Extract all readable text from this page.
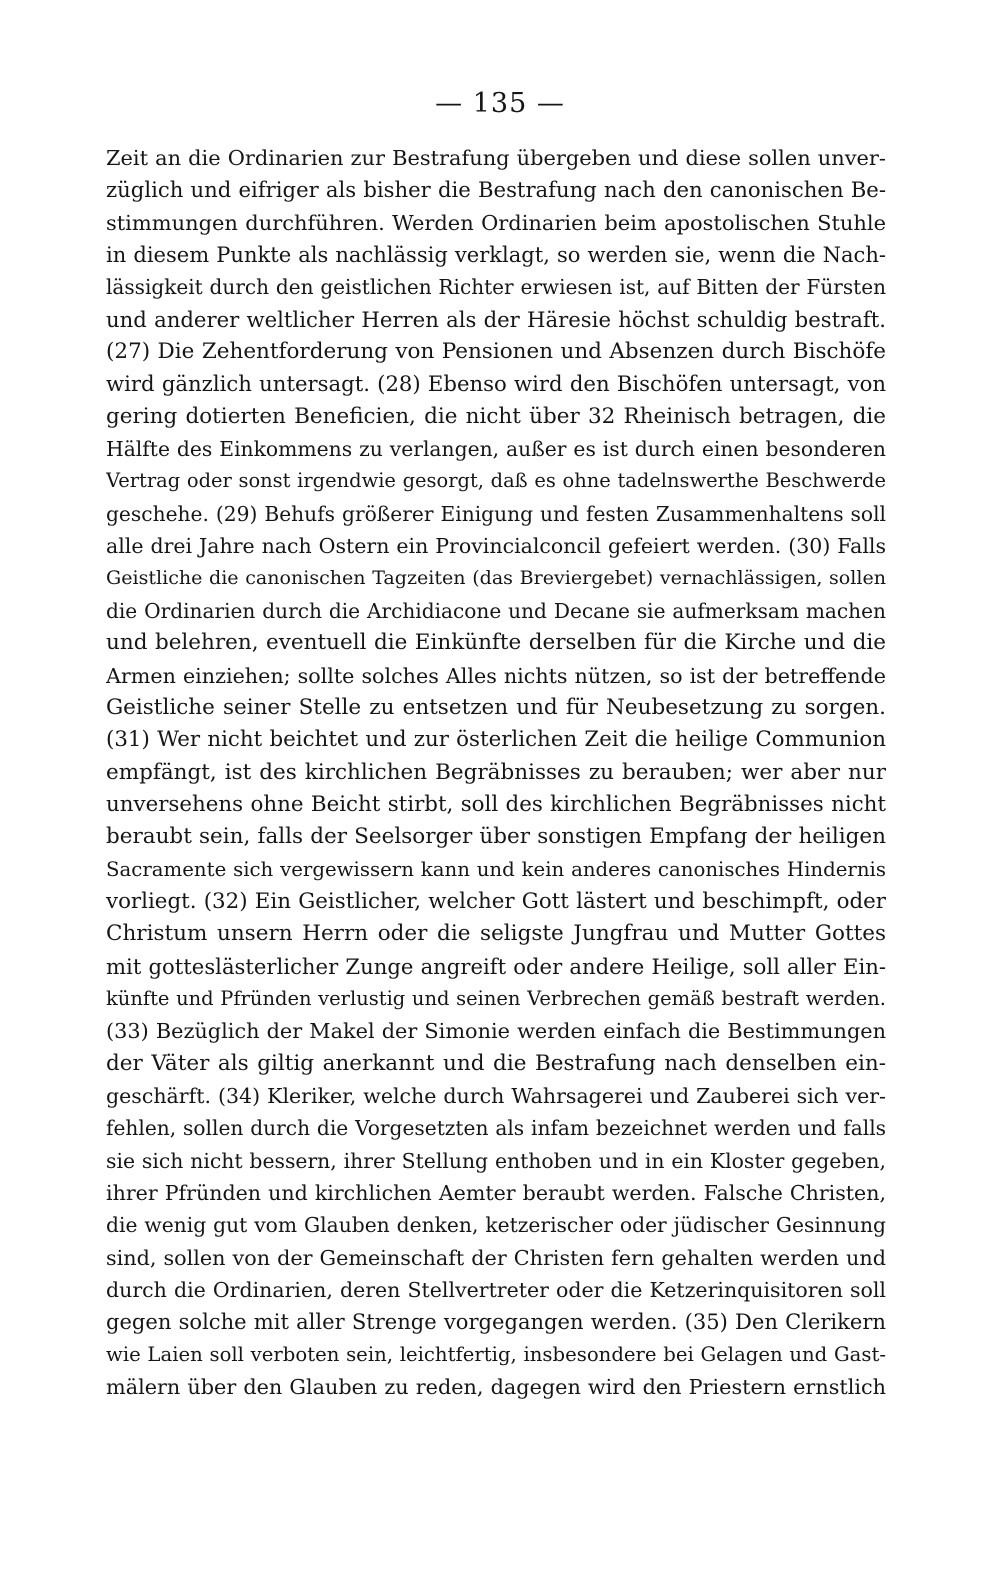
— 135 —
Zeit an die Ordinarien zur Bestrafung übergeben und diese sollen unver-
züglich und eifriger als bisher die Bestrafung nach den canonischen Be-
stimmungen durchführen. Werden Ordinarien beim apostolischen Stuhle
in diesem Punkte als nachlässig verklagt, so werden sie, wenn die Nach-
lässigkeit durch den geistlichen Richter erwiesen ist, auf Bitten der Fürsten
und anderer weltlicher Herren als der Häresie höchst schuldig bestraft.
(27) Die Zehentforderung von Pensionen und Absenzen durch Bischöfe
wird gänzlich untersagt. (28) Ebenso wird den Bischöfen untersagt, von
gering dotierten Beneficien, die nicht über 32 Rheinisch betragen, die
Hälfte des Einkommens zu verlangen, außer es ist durch einen besonderen
Vertrag oder sonst irgendwie gesorgt, daß es ohne tadelnswerthe Beschwerde
geschehe. (29) Behufs größerer Einigung und festen Zusammenhaltens soll
alle drei Jahre nach Ostern ein Provincialconcil gefeiert werden. (30) Falls
Geistliche die canonischen Tagzeiten (das Breviergebet) vernachlässigen, sollen
die Ordinarien durch die Archidiacone und Decane sie aufmerksam machen
und belehren, eventuell die Einkünfte derselben für die Kirche und die
Armen einziehen; sollte solches Alles nichts nützen, so ist der betreffende
Geistliche seiner Stelle zu entsetzen und für Neubesetzung zu sorgen.
(31) Wer nicht beichtet und zur österlichen Zeit die heilige Communion
empfängt, ist des kirchlichen Begräbnisses zu berauben; wer aber nur
unversehens ohne Beicht stirbt, soll des kirchlichen Begräbnisses nicht
beraubt sein, falls der Seelsorger über sonstigen Empfang der heiligen
Sacramente sich vergewissern kann und kein anderes canonisches Hindernis
vorliegt. (32) Ein Geistlicher, welcher Gott lästert und beschimpft, oder
Christum unsern Herrn oder die seligste Jungfrau und Mutter Gottes
mit gotteslästerlicher Zunge angreift oder andere Heilige, soll aller Ein-
künfte und Pfründen verlustig und seinen Verbrechen gemäß bestraft werden.
(33) Bezüglich der Makel der Simonie werden einfach die Bestimmungen
der Väter als giltig anerkannt und die Bestrafung nach denselben ein-
geschärft. (34) Kleriker, welche durch Wahrsagerei und Zauberei sich ver-
fehlen, sollen durch die Vorgesetzten als infam bezeichnet werden und falls
sie sich nicht bessern, ihrer Stellung enthoben und in ein Kloster gegeben,
ihrer Pfründen und kirchlichen Aemter beraubt werden. Falsche Christen,
die wenig gut vom Glauben denken, ketzerischer oder jüdischer Gesinnung
sind, sollen von der Gemeinschaft der Christen fern gehalten werden und
durch die Ordinarien, deren Stellvertreter oder die Ketzerinquisitoren soll
gegen solche mit aller Strenge vorgegangen werden. (35) Den Clerikern
wie Laien soll verboten sein, leichtfertig, insbesondere bei Gelagen und Gast-
mälern über den Glauben zu reden, dagegen wird den Priestern ernstlich
